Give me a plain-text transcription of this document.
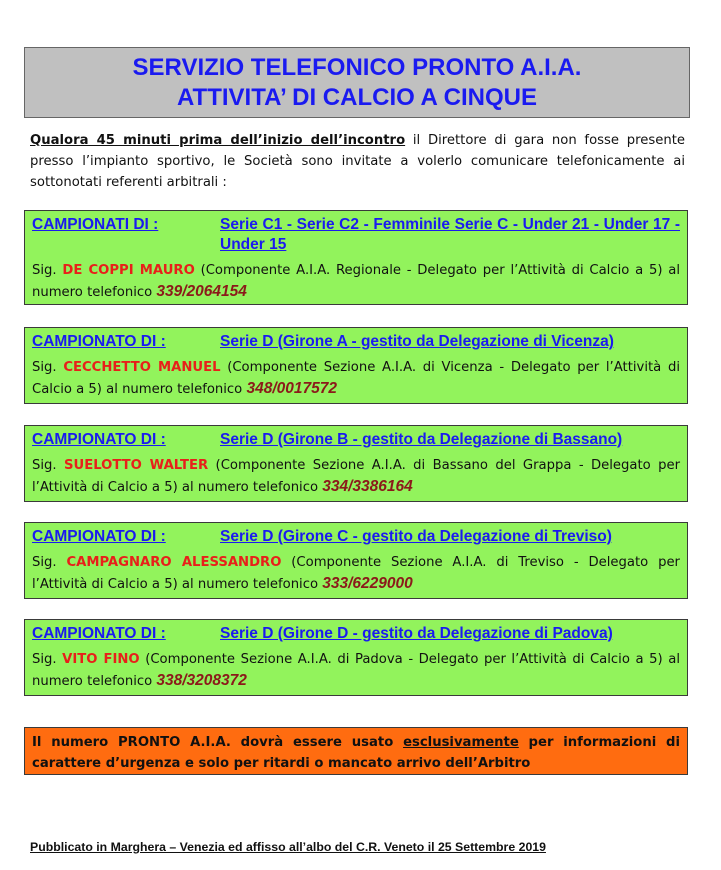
SERVIZIO TELEFONICO PRONTO A.I.A.
ATTIVITA’ DI CALCIO A CINQUE
Qualora 45 minuti prima dell’inizio dell’incontro il Direttore di gara non fosse presente presso l’impianto sportivo, le Società sono invitate a volerlo comunicare telefonicamente ai sottonotati referenti arbitrali :
CAMPIONATI DI :	Serie C1 - Serie C2 - Femminile Serie C - Under 21 - Under 17 - Under 15
Sig. DE COPPI MAURO (Componente A.I.A. Regionale - Delegato per l’Attività di Calcio a 5) al numero telefonico 339/2064154
CAMPIONATO DI :	Serie D (Girone A - gestito da Delegazione di Vicenza)
Sig. CECCHETTO MANUEL (Componente Sezione A.I.A. di Vicenza - Delegato per l’Attività di Calcio a 5) al numero telefonico 348/0017572
CAMPIONATO DI :	Serie D (Girone B - gestito da Delegazione di Bassano)
Sig. SUELOTTO WALTER (Componente Sezione A.I.A. di Bassano del Grappa - Delegato per l’Attività di Calcio a 5) al numero telefonico 334/3386164
CAMPIONATO DI :	Serie D (Girone C - gestito da Delegazione di Treviso)
Sig. CAMPAGNARO ALESSANDRO (Componente Sezione A.I.A. di Treviso - Delegato per l’Attività di Calcio a 5) al numero telefonico 333/6229000
CAMPIONATO DI :	Serie D (Girone D - gestito da Delegazione di Padova)
Sig. VITO FINO (Componente Sezione A.I.A. di Padova - Delegato per l’Attività di Calcio a 5) al numero telefonico 338/3208372
Il numero PRONTO A.I.A. dovrà essere usato esclusivamente per informazioni di carattere d’urgenza e solo per ritardi o mancato arrivo dell’Arbitro
Pubblicato in Marghera – Venezia ed affisso all’albo del C.R. Veneto il 25 Settembre 2019
